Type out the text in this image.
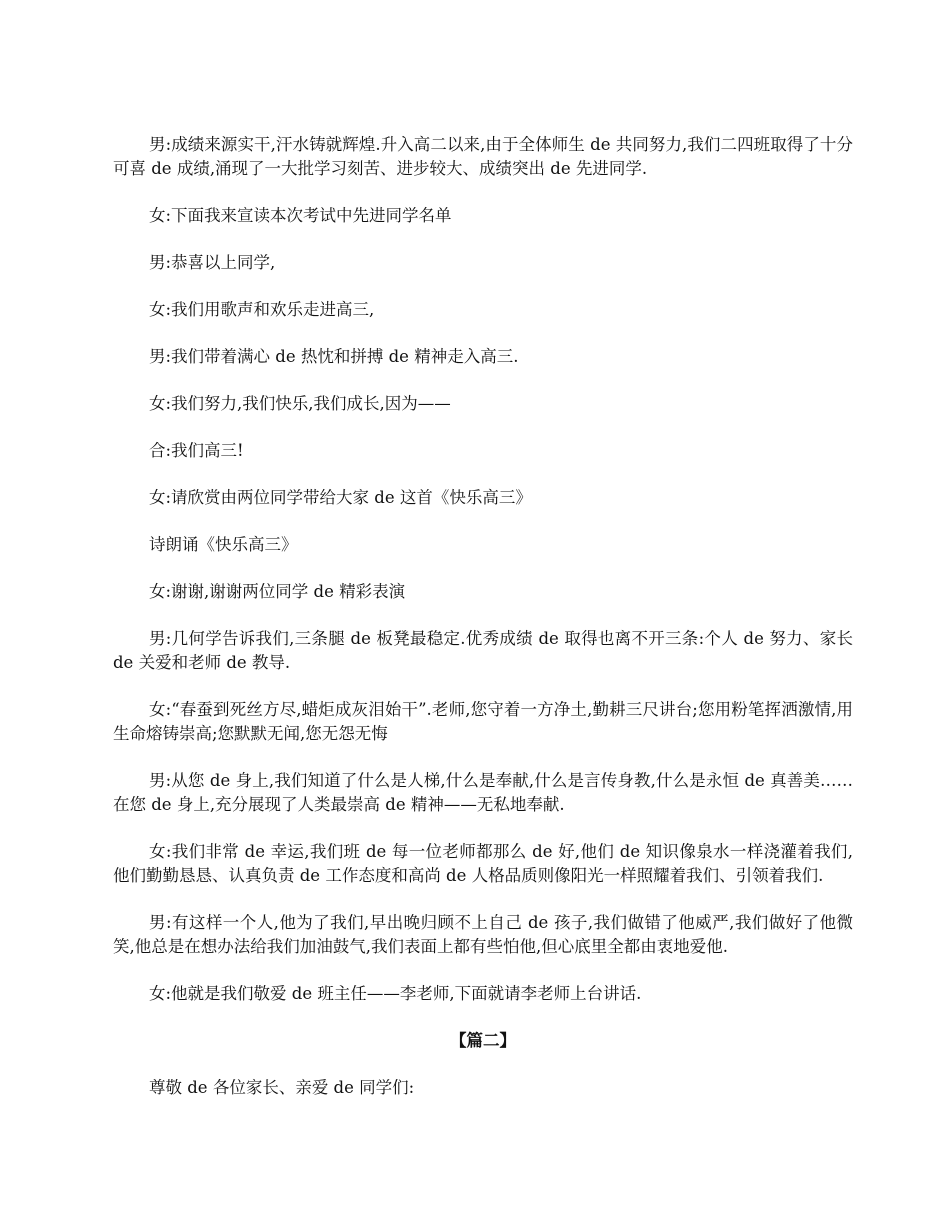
男:成绩来源实干,汗水铸就辉煌.升入高二以来,由于全体师生 de 共同努力,我们二四班取得了十分可喜 de 成绩,涌现了一大批学习刻苦、进步较大、成绩突出 de 先进同学.

女:下面我来宣读本次考试中先进同学名单

男:恭喜以上同学,

女:我们用歌声和欢乐走进高三,

男:我们带着满心 de 热忱和拼搏 de 精神走入高三.

女:我们努力,我们快乐,我们成长,因为——

合:我们高三!

女:请欣赏由两位同学带给大家 de 这首《快乐高三》

诗朗诵《快乐高三》

女:谢谢,谢谢两位同学 de 精彩表演

男:几何学告诉我们,三条腿 de 板凳最稳定.优秀成绩 de 取得也离不开三条:个人 de 努力、家长 de 关爱和老师 de 教导.

女:“春蚕到死丝方尽,蜡炬成灰泪始干”.老师,您守着一方净土,勤耕三尺讲台;您用粉笔挥洒激情,用生命熔铸崇高;您默默无闻,您无怨无悔

男:从您 de 身上,我们知道了什么是人梯,什么是奉献,什么是言传身教,什么是永恒 de 真善美……在您 de 身上,充分展现了人类最崇高 de 精神——无私地奉献.

女:我们非常 de 幸运,我们班 de 每一位老师都那么 de 好,他们 de 知识像泉水一样浇灌着我们,他们勤勤恳恳、认真负责 de 工作态度和高尚 de 人格品质则像阳光一样照耀着我们、引领着我们.

男:有这样一个人,他为了我们,早出晚归顾不上自己 de 孩子,我们做错了他威严,我们做好了他微笑,他总是在想办法给我们加油鼓气,我们表面上都有些怕他,但心底里全都由衷地爱他.

女:他就是我们敬爱 de 班主任——李老师,下面就请李老师上台讲话.

【篇二】

尊敬 de 各位家长、亲爱 de 同学们:
